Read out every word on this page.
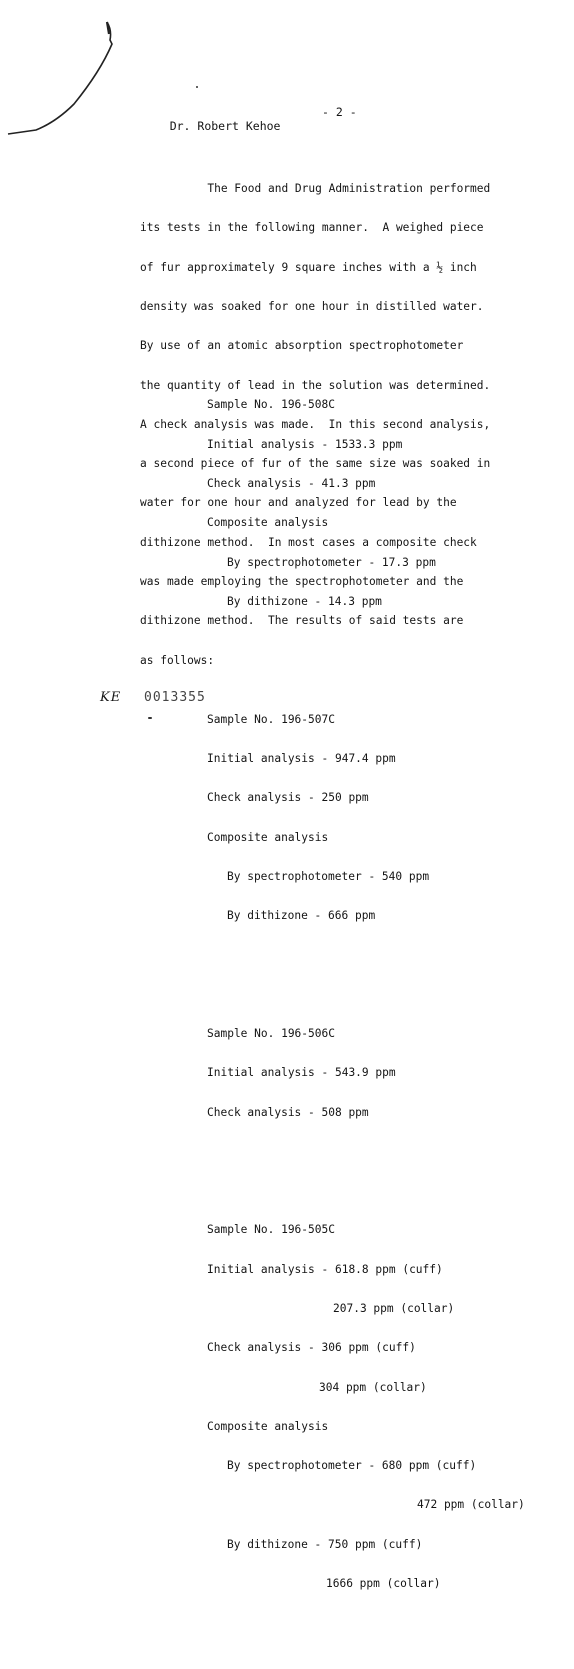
Dr. Robert Kehoe

- 2 -

The Food and Drug Administration performed

its tests in the following manner.  A weighed piece

of fur approximately 9 square inches with a ½ inch

density was soaked for one hour in distilled water.

By use of an atomic absorption spectrophotometer

the quantity of lead in the solution was determined.

A check analysis was made.  In this second analysis,

a second piece of fur of the same size was soaked in

water for one hour and analyzed for lead by the

dithizone method.  In most cases a composite check

was made employing the spectrophotometer and the

dithizone method.  The results of said tests are

as follows:

Sample No. 196-508C

Initial analysis - 1533.3 ppm

Check analysis - 41.3 ppm

Composite analysis

By spectrophotometer - 17.3 ppm

By dithizone - 14.3 ppm

Sample No. 196-507C

Initial analysis - 947.4 ppm

Check analysis - 250 ppm

Composite analysis

By spectrophotometer - 540 ppm

By dithizone - 666 ppm

Sample No. 196-506C

Initial analysis - 543.9 ppm

Check analysis - 508 ppm

Sample No. 196-505C

Initial analysis - 618.8 ppm (cuff)

207.3 ppm (collar)

Check analysis - 306 ppm (cuff)

304 ppm (collar)

Composite analysis

By spectrophotometer - 680 ppm (cuff)

472 ppm (collar)

By dithizone - 750 ppm (cuff)

1666 ppm (collar)

KE 0013355
